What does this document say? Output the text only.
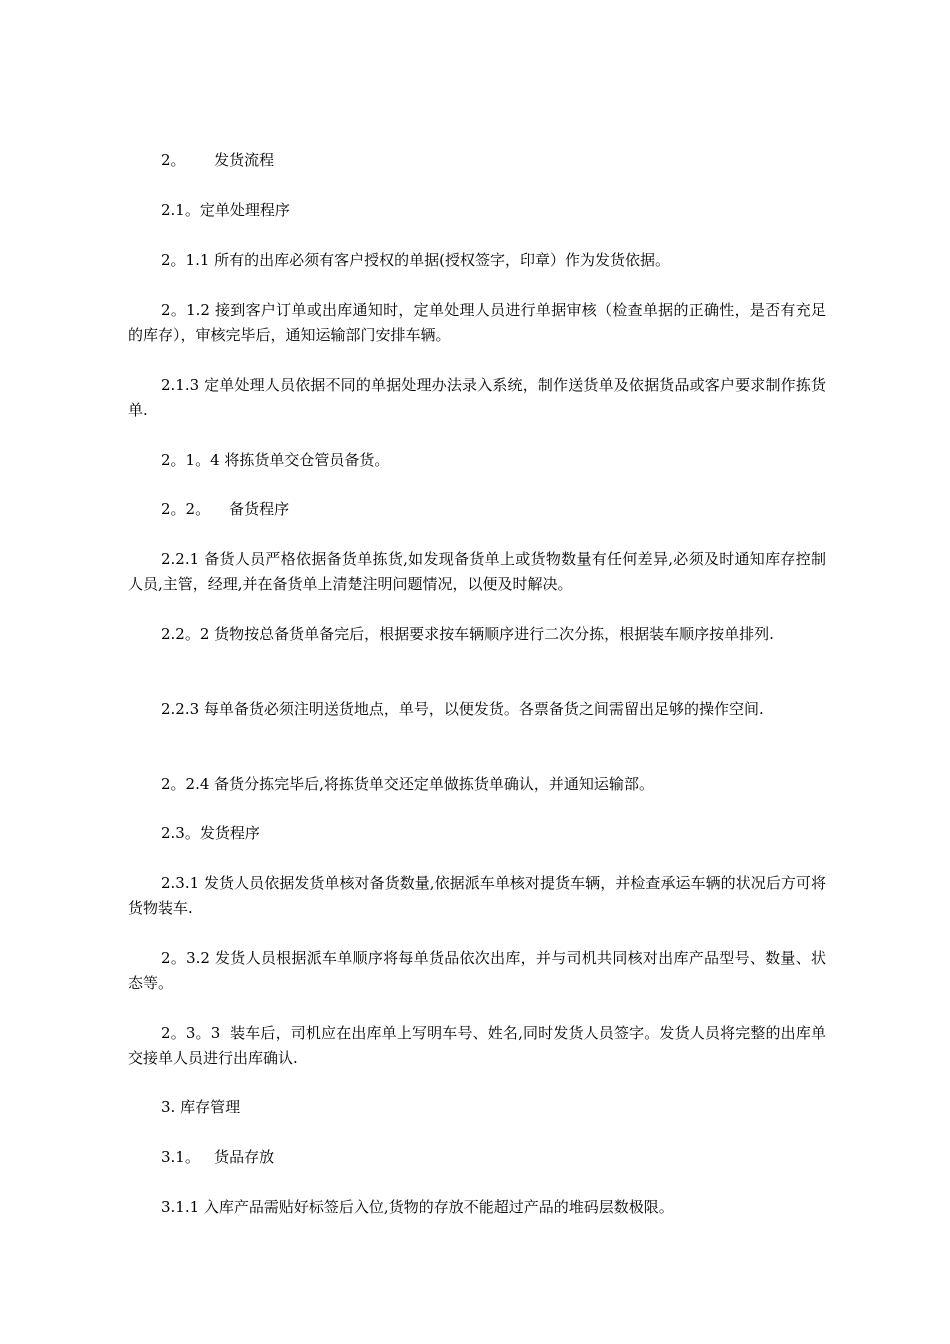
2。      发货流程

2.1。定单处理程序

2。1.1 所有的出库必须有客户授权的单据(授权签字，印章）作为发货依据。

2。1.2 接到客户订单或出库通知时，定单处理人员进行单据审核（检查单据的正确性，是否有充足的库存），审核完毕后，通知运输部门安排车辆。

2.1.3 定单处理人员依据不同的单据处理办法录入系统，制作送货单及依据货品或客户要求制作拣货单.

2。1。4 将拣货单交仓管员备货。

2。2。    备货程序

2.2.1 备货人员严格依据备货单拣货,如发现备货单上或货物数量有任何差异,必须及时通知库存控制人员,主管，经理,并在备货单上清楚注明问题情况，以便及时解决。

2.2。2 货物按总备货单备完后，根据要求按车辆顺序进行二次分拣，根据装车顺序按单排列.

2.2.3 每单备货必须注明送货地点，单号，以便发货。各票备货之间需留出足够的操作空间.

2。2.4 备货分拣完毕后,将拣货单交还定单做拣货单确认，并通知运输部。

2.3。发货程序

2.3.1 发货人员依据发货单核对备货数量,依据派车单核对提货车辆，并检查承运车辆的状况后方可将货物装车.

2。3.2 发货人员根据派车单顺序将每单货品依次出库，并与司机共同核对出库产品型号、数量、状态等。

2。3。3  装车后，司机应在出库单上写明车号、姓名,同时发货人员签字。发货人员将完整的出库单交接单人员进行出库确认.

3. 库存管理

3.1。   货品存放

3.1.1 入库产品需贴好标签后入位,货物的存放不能超过产品的堆码层数极限。
